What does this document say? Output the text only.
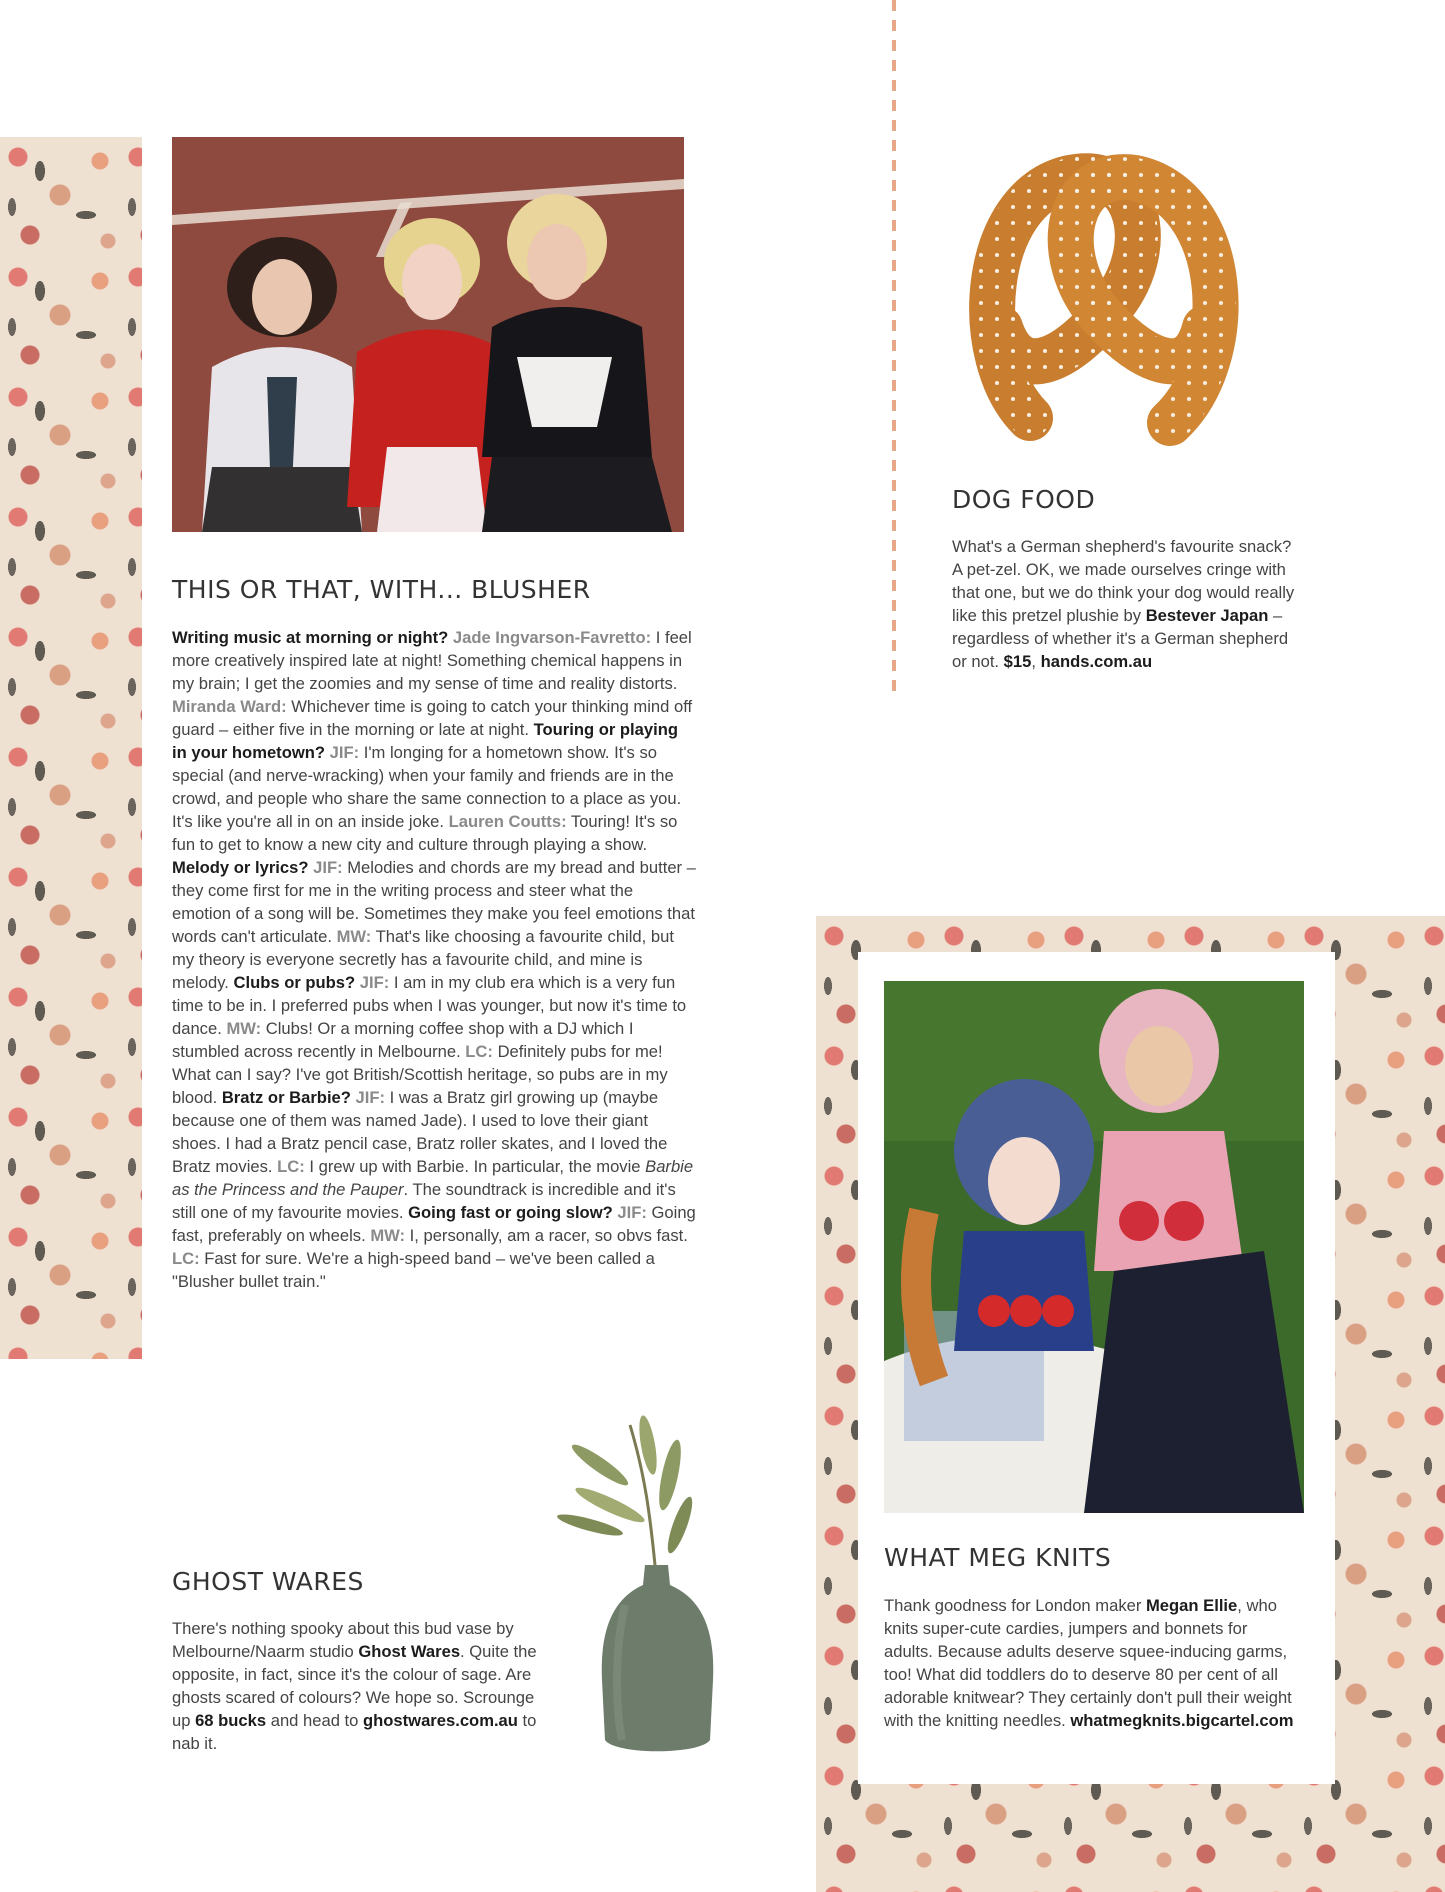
THIS OR THAT, WITH... BLUSHER

Writing music at morning or night? Jade Ingvarson-Favretto: I feel more creatively inspired late at night! Something chemical happens in my brain; I get the zoomies and my sense of time and reality distorts. Miranda Ward: Whichever time is going to catch your thinking mind off guard – either five in the morning or late at night. Touring or playing in your hometown? JIF: I'm longing for a hometown show. It's so special (and nerve-wracking) when your family and friends are in the crowd, and people who share the same connection to a place as you. It's like you're all in on an inside joke. Lauren Coutts: Touring! It's so fun to get to know a new city and culture through playing a show. Melody or lyrics? JIF: Melodies and chords are my bread and butter – they come first for me in the writing process and steer what the emotion of a song will be. Sometimes they make you feel emotions that words can't articulate. MW: That's like choosing a favourite child, but my theory is everyone secretly has a favourite child, and mine is melody. Clubs or pubs? JIF: I am in my club era which is a very fun time to be in. I preferred pubs when I was younger, but now it's time to dance. MW: Clubs! Or a morning coffee shop with a DJ which I stumbled across recently in Melbourne. LC: Definitely pubs for me! What can I say? I've got British/Scottish heritage, so pubs are in my blood. Bratz or Barbie? JIF: I was a Bratz girl growing up (maybe because one of them was named Jade). I used to love their giant shoes. I had a Bratz pencil case, Bratz roller skates, and I loved the Bratz movies. LC: I grew up with Barbie. In particular, the movie Barbie as the Princess and the Pauper. The soundtrack is incredible and it's still one of my favourite movies. Going fast or going slow? JIF: Going fast, preferably on wheels. MW: I, personally, am a racer, so obvs fast. LC: Fast for sure. We're a high-speed band – we've been called a "Blusher bullet train."

DOG FOOD

What's a German shepherd's favourite snack? A pet-zel. OK, we made ourselves cringe with that one, but we do think your dog would really like this pretzel plushie by Bestever Japan – regardless of whether it's a German shepherd or not. $15, hands.com.au

WHAT MEG KNITS

Thank goodness for London maker Megan Ellie, who knits super-cute cardies, jumpers and bonnets for adults. Because adults deserve squee-inducing garms, too! What did toddlers do to deserve 80 per cent of all adorable knitwear? They certainly don't pull their weight with the knitting needles. whatmegknits.bigcartel.com

GHOST WARES

There's nothing spooky about this bud vase by Melbourne/Naarm studio Ghost Wares. Quite the opposite, in fact, since it's the colour of sage. Are ghosts scared of colours? We hope so. Scrounge up 68 bucks and head to ghostwares.com.au to nab it.
